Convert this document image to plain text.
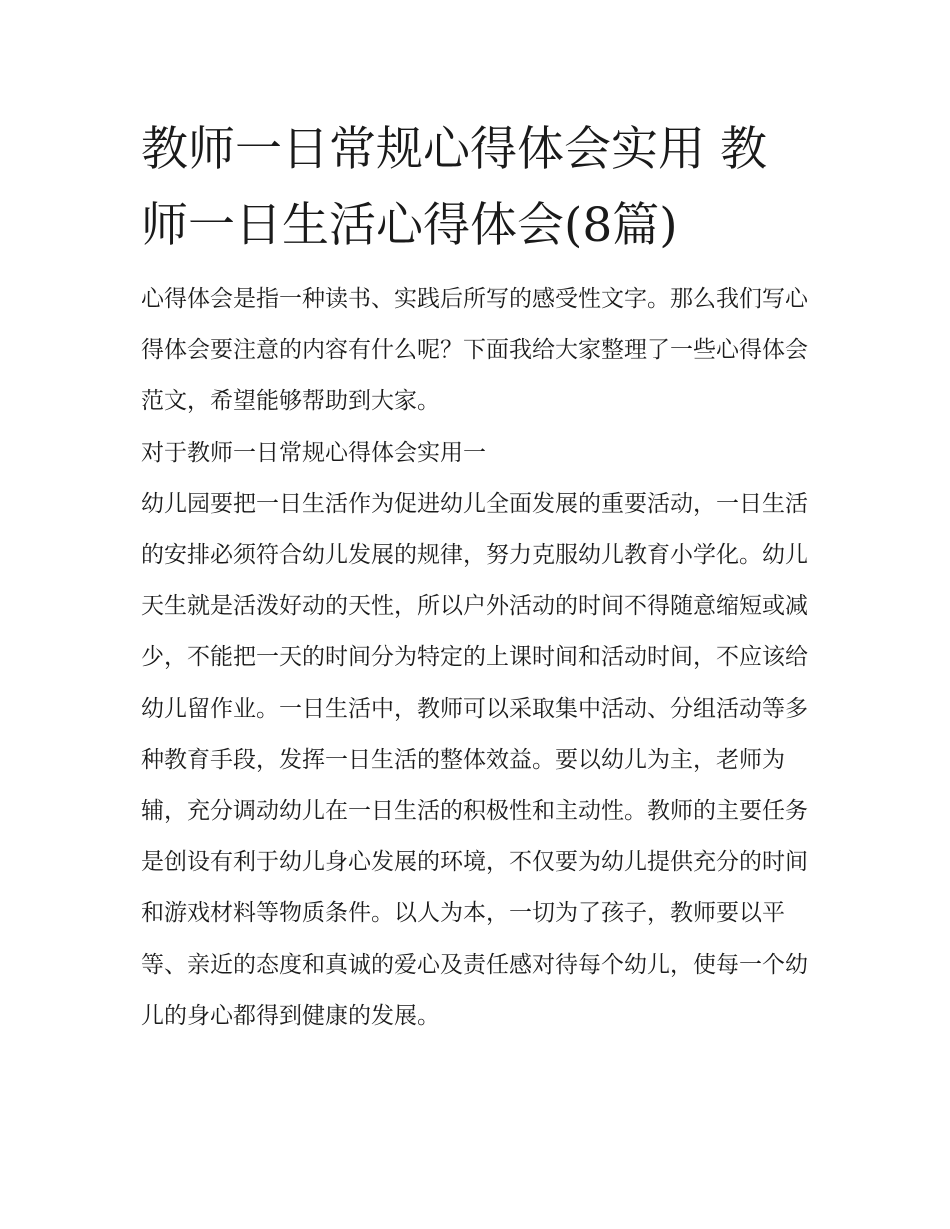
教师一日常规心得体会实用 教师一日生活心得体会(8篇)

心得体会是指一种读书、实践后所写的感受性文字。那么我们写心得体会要注意的内容有什么呢？下面我给大家整理了一些心得体会范文，希望能够帮助到大家。

对于教师一日常规心得体会实用一

幼儿园要把一日生活作为促进幼儿全面发展的重要活动，一日生活的安排必须符合幼儿发展的规律，努力克服幼儿教育小学化。幼儿天生就是活泼好动的天性，所以户外活动的时间不得随意缩短或减少，不能把一天的时间分为特定的上课时间和活动时间，不应该给幼儿留作业。一日生活中，教师可以采取集中活动、分组活动等多种教育手段，发挥一日生活的整体效益。要以幼儿为主，老师为辅，充分调动幼儿在一日生活的积极性和主动性。教师的主要任务是创设有利于幼儿身心发展的环境，不仅要为幼儿提供充分的时间和游戏材料等物质条件。以人为本，一切为了孩子，教师要以平等、亲近的态度和真诚的爱心及责任感对待每个幼儿，使每一个幼儿的身心都得到健康的发展。
